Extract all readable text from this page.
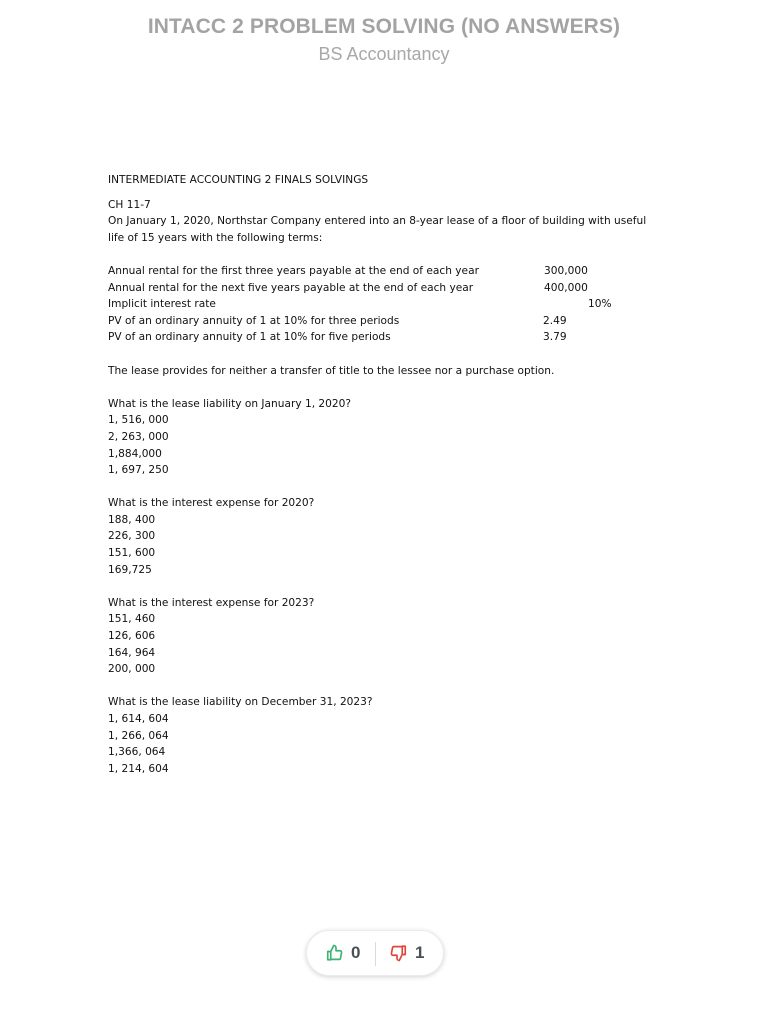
INTACC 2 PROBLEM SOLVING (NO ANSWERS)
BS Accountancy

INTERMEDIATE ACCOUNTING 2 FINALS SOLVINGS

CH 11-7

On January 1, 2020, Northstar Company entered into an 8-year lease of a floor of building with useful

life of 15 years with the following terms:

Annual rental for the first three years payable at the end of each year	300,000
Annual rental for the next five years payable at the end of each year	400,000
Implicit interest rate	10%
PV of an ordinary annuity of 1 at 10% for three periods	2.49
PV of an ordinary annuity of 1 at 10% for five periods	3.79

The lease provides for neither a transfer of title to the lessee nor a purchase option.

What is the lease liability on January 1, 2020?

1, 516, 000

2, 263, 000

1,884,000

1, 697, 250

What is the interest expense for 2020?

188, 400

226, 300

151, 600

169,725

What is the interest expense for 2023?

151, 460

126, 606

164, 964

200, 000

What is the lease liability on December 31, 2023?

1, 614, 604

1, 266, 064

1,366, 064

1, 214, 604

0	1
